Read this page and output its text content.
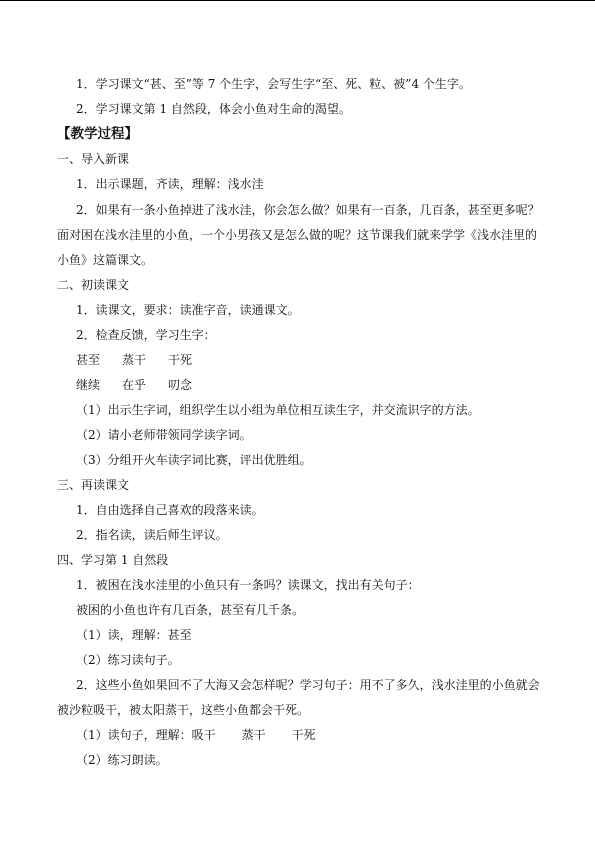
1．学习课文“甚、至”等 7 个生字，会写生字“至、死、粒、被”4 个生字。
2．学习课文第 1 自然段，体会小鱼对生命的渴望。
【教学过程】
一、导入新课
1．出示课题，齐读，理解：浅水洼
2．如果有一条小鱼掉进了浅水洼，你会怎么做？如果有一百条，几百条，甚至更多呢？
面对困在浅水洼里的小鱼，一个小男孩又是怎么做的呢？这节课我们就来学学《浅水洼里的
小鱼》这篇课文。
二、初读课文
1．读课文，要求：读准字音，读通课文。
2．检查反馈，学习生字：
甚至 蒸干 干死
继续 在乎 叨念
（1）出示生字词，组织学生以小组为单位相互读生字，并交流识字的方法。
（2）请小老师带领同学读字词。
（3）分组开火车读字词比赛，评出优胜组。
三、再读课文
1．自由选择自己喜欢的段落来读。
2．指名读，读后师生评议。
四、学习第 1 自然段
1．被困在浅水洼里的小鱼只有一条吗？读课文，找出有关句子：
被困的小鱼也许有几百条，甚至有几千条。
（1）读，理解：甚至
（2）练习读句子。
2．这些小鱼如果回不了大海又会怎样呢？学习句子：用不了多久，浅水洼里的小鱼就会
被沙粒吸干，被太阳蒸干，这些小鱼都会干死。
（1）读句子，理解：吸干 蒸干 干死
（2）练习朗读。
